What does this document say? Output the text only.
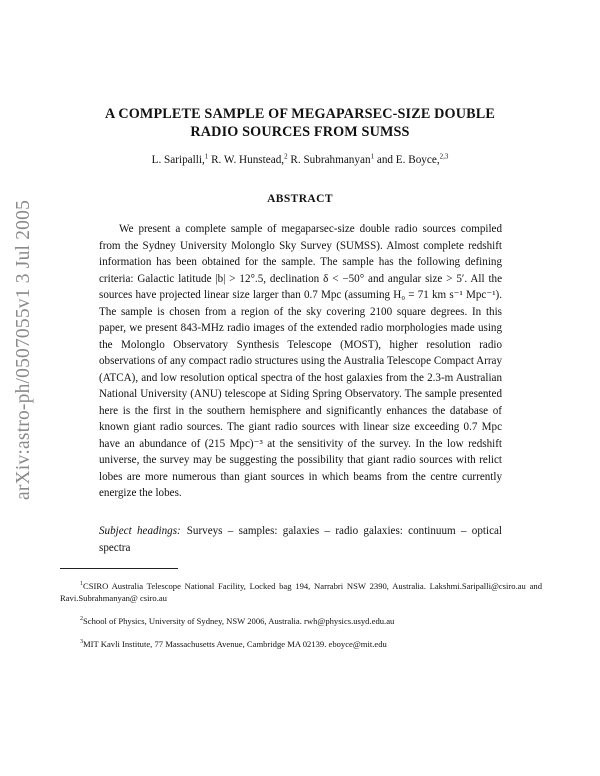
arXiv:astro-ph/0507055v1 3 Jul 2005
A COMPLETE SAMPLE OF MEGAPARSEC-SIZE DOUBLE
RADIO SOURCES FROM SUMSS
L. Saripalli,$^1$ R. W. Hunstead,$^2$ R. Subrahmanyan$^1$ and E. Boyce,$^{2,3}$
ABSTRACT
We present a complete sample of megaparsec-size double radio sources compiled from the Sydney University Molonglo Sky Survey (SUMSS). Almost complete redshift information has been obtained for the sample. The sample has the following defining criteria: Galactic latitude |b| > 12°.5, declination δ < −50° and angular size > 5′. All the sources have projected linear size larger than 0.7 Mpc (assuming H₀ = 71 km s⁻¹ Mpc⁻¹). The sample is chosen from a region of the sky covering 2100 square degrees. In this paper, we present 843-MHz radio images of the extended radio morphologies made using the Molonglo Observatory Synthesis Telescope (MOST), higher resolution radio observations of any compact radio structures using the Australia Telescope Compact Array (ATCA), and low resolution optical spectra of the host galaxies from the 2.3-m Australian National University (ANU) telescope at Siding Spring Observatory. The sample presented here is the first in the southern hemisphere and significantly enhances the database of known giant radio sources. The giant radio sources with linear size exceeding 0.7 Mpc have an abundance of (215 Mpc)⁻³ at the sensitivity of the survey. In the low redshift universe, the survey may be suggesting the possibility that giant radio sources with relict lobes are more numerous than giant sources in which beams from the centre currently energize the lobes.
Subject headings: Surveys – samples: galaxies – radio galaxies: continuum – optical spectra
$^1$CSIRO Australia Telescope National Facility, Locked bag 194, Narrabri NSW 2390, Australia. Lakshmi.Saripalli@csiro.au and Ravi.Subrahmanyan@ csiro.au
$^2$School of Physics, University of Sydney, NSW 2006, Australia. rwh@physics.usyd.edu.au
$^3$MIT Kavli Institute, 77 Massachusetts Avenue, Cambridge MA 02139. eboyce@mit.edu
